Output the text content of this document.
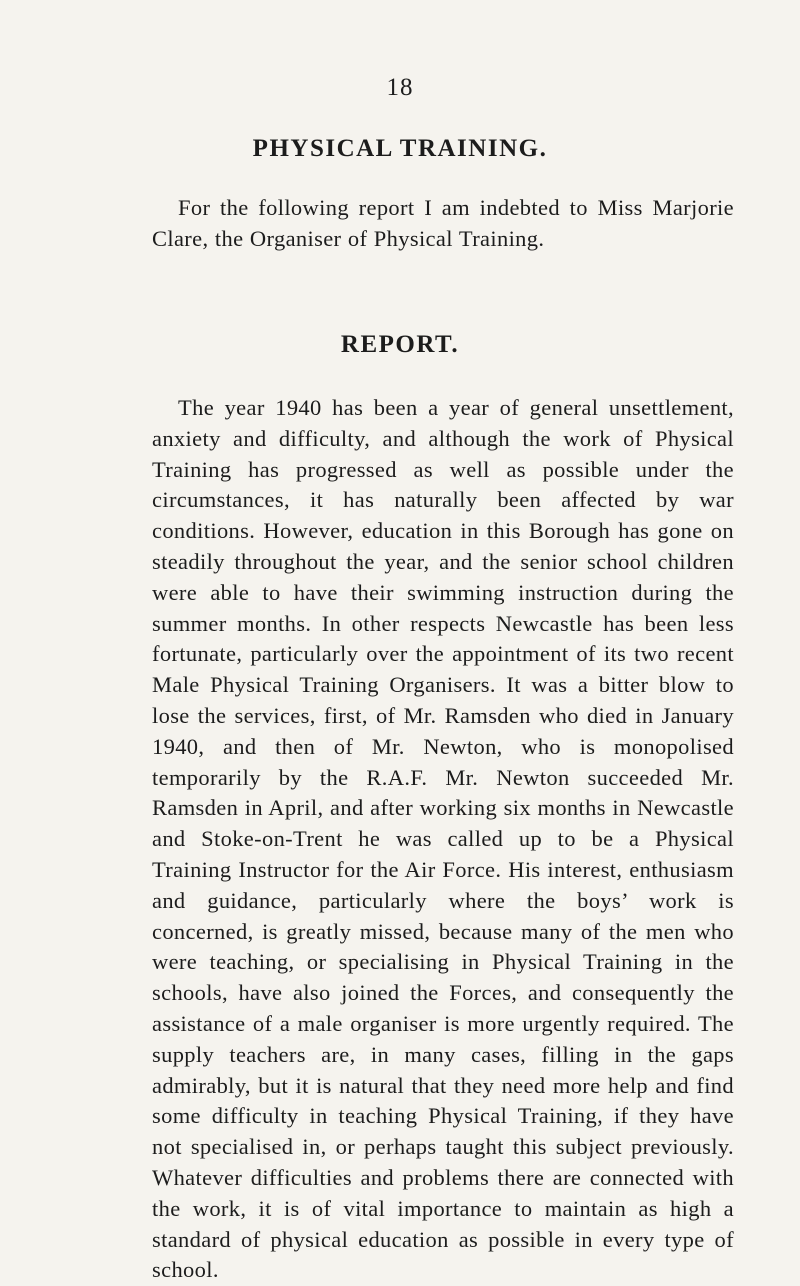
18
PHYSICAL TRAINING.

For the following report I am indebted to Miss Marjorie Clare, the Organiser of Physical Training.

REPORT.

The year 1940 has been a year of general unsettlement, anxiety and difficulty, and although the work of Physical Training has progressed as well as possible under the circumstances, it has naturally been affected by war conditions. However, education in this Borough has gone on steadily throughout the year, and the senior school children were able to have their swimming instruction during the summer months. In other respects Newcastle has been less fortunate, particularly over the appointment of its two recent Male Physical Training Organisers. It was a bitter blow to lose the services, first, of Mr. Ramsden who died in January 1940, and then of Mr. Newton, who is monopolised temporarily by the R.A.F. Mr. Newton succeeded Mr. Ramsden in April, and after working six months in Newcastle and Stoke-on-Trent he was called up to be a Physical Training Instructor for the Air Force. His interest, enthusiasm and guidance, particularly where the boys’ work is concerned, is greatly missed, because many of the men who were teaching, or specialising in Physical Training in the schools, have also joined the Forces, and consequently the assistance of a male organiser is more urgently required. The supply teachers are, in many cases, filling in the gaps admirably, but it is natural that they need more help and find some difficulty in teaching Physical Training, if they have not specialised in, or perhaps taught this subject previously. Whatever difficulties and problems there are connected with the work, it is of vital importance to maintain as high a standard of physical education as possible in every type of school.
